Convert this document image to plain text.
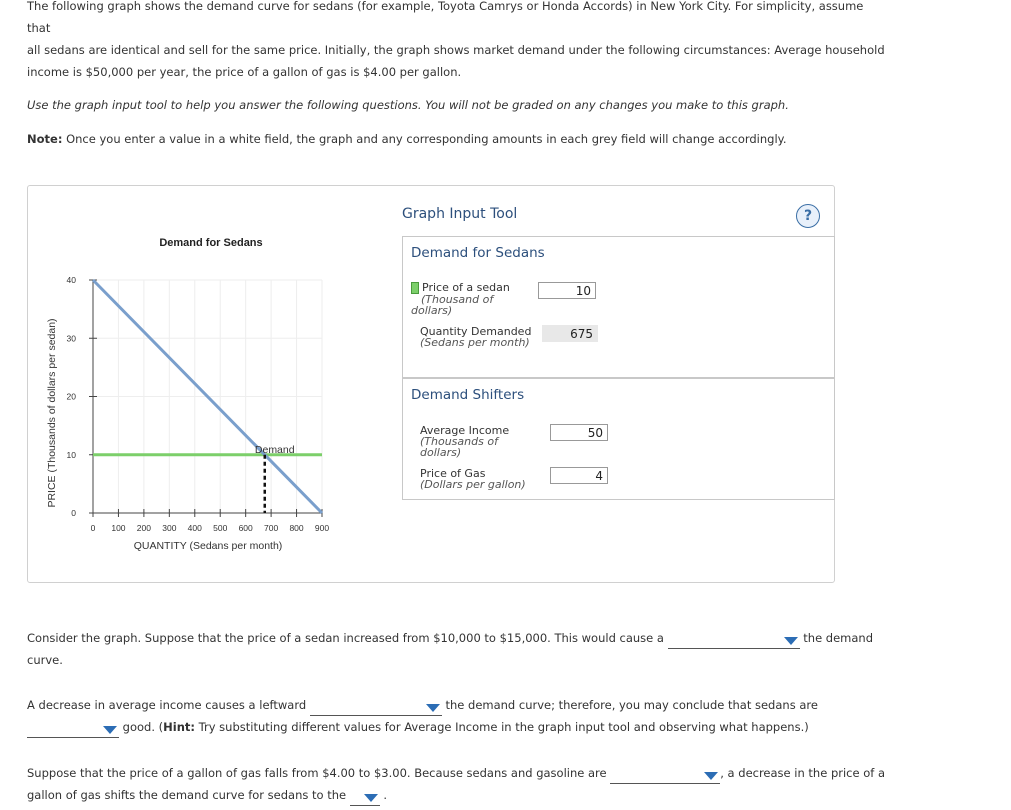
The following graph shows the demand curve for sedans (for example, Toyota Camrys or Honda Accords) in New York City. For simplicity, assume that
all sedans are identical and sell for the same price. Initially, the graph shows market demand under the following circumstances: Average household
income is $50,000 per year, the price of a gallon of gas is $4.00 per gallon.
Use the graph input tool to help you answer the following questions. You will not be graded on any changes you make to this graph.
Note: Once you enter a value in a white field, the graph and any corresponding amounts in each grey field will change accordingly.
Demand for Sedans
PRICE (Thousands of dollars per sedan)
QUANTITY (Sedans per month)
0 100 200 300 400 500 600 700 800 900
0
10
20
30
40
Demand
Graph Input Tool	?
Demand for Sedans
Price of a sedan
(Thousand of dollars)
10
Quantity Demanded
(Sedans per month)
675
Demand Shifters
Average Income
(Thousands of dollars)
50
Price of Gas
(Dollars per gallon)
4
Consider the graph. Suppose that the price of a sedan increased from $10,000 to $15,000. This would cause a	the demand
curve.
A decrease in average income causes a leftward	the demand curve; therefore, you may conclude that sedans are

good. (Hint: Try substituting different values for Average Income in the graph input tool and observing what happens.)
Suppose that the price of a gallon of gas falls from $4.00 to $3.00. Because sedans and gasoline are	, a decrease in the price of a
gallon of gas shifts the demand curve for sedans to the	.
